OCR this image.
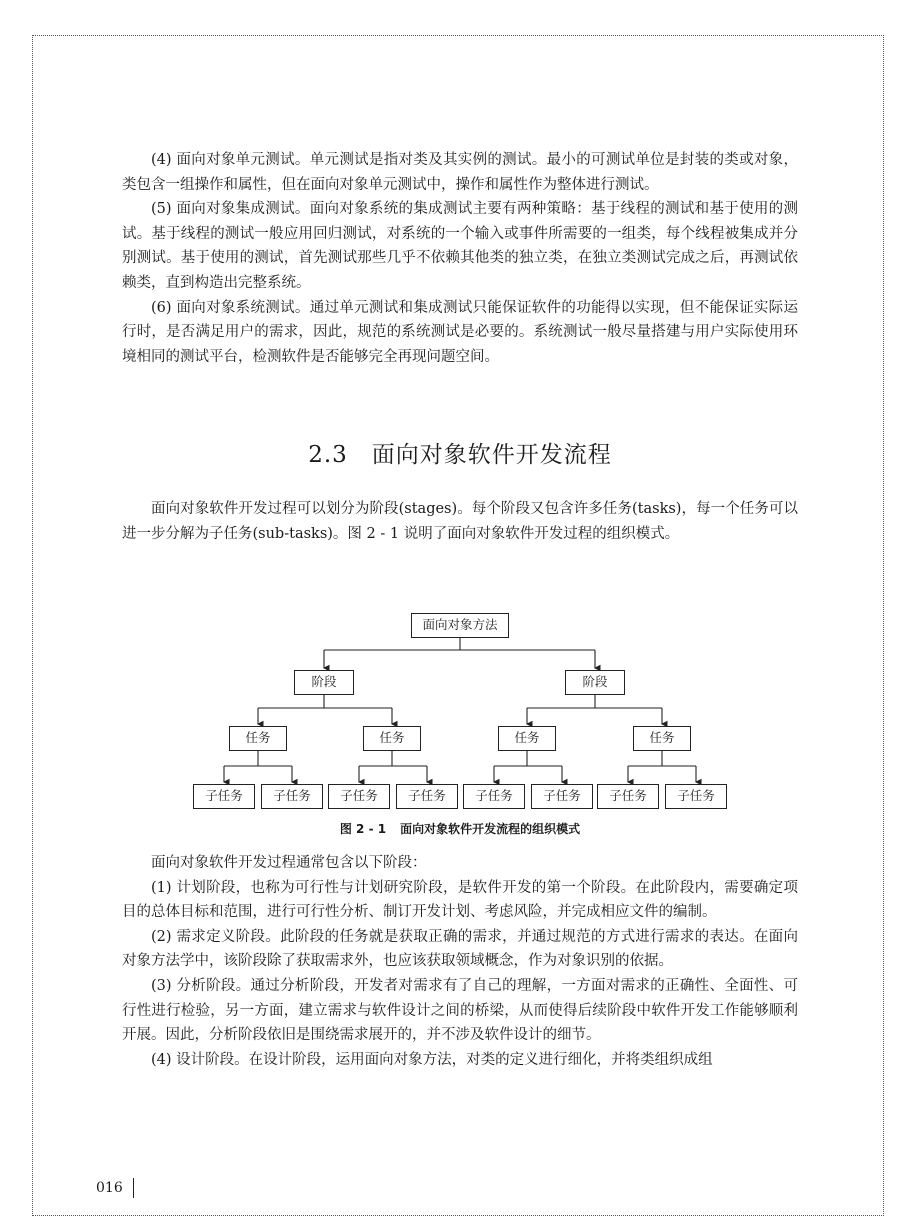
(4) 面向对象单元测试。单元测试是指对类及其实例的测试。最小的可测试单位是封装的类或对象，类包含一组操作和属性，但在面向对象单元测试中，操作和属性作为整体进行测试。

(5) 面向对象集成测试。面向对象系统的集成测试主要有两种策略：基于线程的测试和基于使用的测试。基于线程的测试一般应用回归测试，对系统的一个输入或事件所需要的一组类，每个线程被集成并分别测试。基于使用的测试，首先测试那些几乎不依赖其他类的独立类，在独立类测试完成之后，再测试依赖类，直到构造出完整系统。

(6) 面向对象系统测试。通过单元测试和集成测试只能保证软件的功能得以实现，但不能保证实际运行时，是否满足用户的需求，因此，规范的系统测试是必要的。系统测试一般尽量搭建与用户实际使用环境相同的测试平台，检测软件是否能够完全再现问题空间。

2.3 面向对象软件开发流程

面向对象软件开发过程可以划分为阶段(stages)。每个阶段又包含许多任务(tasks)，每一个任务可以进一步分解为子任务(sub-tasks)。图 2 - 1 说明了面向对象软件开发过程的组织模式。

面向对象方法
阶段	阶段
任务	任务	任务	任务
子任务	子任务	子任务	子任务	子任务	子任务	子任务	子任务
图 2 - 1 面向对象软件开发流程的组织模式

面向对象软件开发过程通常包含以下阶段：

(1) 计划阶段，也称为可行性与计划研究阶段，是软件开发的第一个阶段。在此阶段内，需要确定项目的总体目标和范围，进行可行性分析、制订开发计划、考虑风险，并完成相应文件的编制。

(2) 需求定义阶段。此阶段的任务就是获取正确的需求，并通过规范的方式进行需求的表达。在面向对象方法学中，该阶段除了获取需求外，也应该获取领域概念，作为对象识别的依据。

(3) 分析阶段。通过分析阶段，开发者对需求有了自己的理解，一方面对需求的正确性、全面性、可行性进行检验，另一方面，建立需求与软件设计之间的桥梁，从而使得后续阶段中软件开发工作能够顺利开展。因此，分析阶段依旧是围绕需求展开的，并不涉及软件设计的细节。

(4) 设计阶段。在设计阶段，运用面向对象方法，对类的定义进行细化，并将类组织成组

016
